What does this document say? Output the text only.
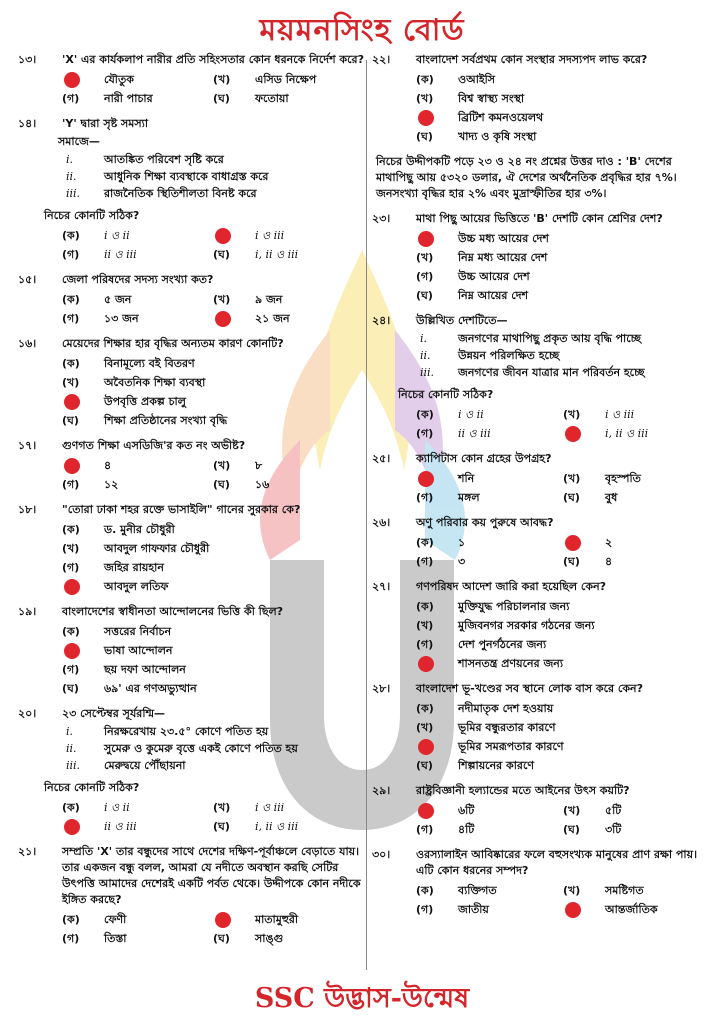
ময়মনসিংহ বোর্ড
১৩।	'X' এর কার্যকলাপ নারীর প্রতি সহিংসতার কোন ধরনকে নির্দেশ করে?
যৌতুক	(খ) এসিড নিক্ষেপ
(গ) নারী পাচার	(ঘ) ফতোয়া
১৪।	'Y' দ্বারা সৃষ্ট সমস্যা
সমাজে—
i.	আতঙ্কিত পরিবেশ সৃষ্টি করে
ii.	আধুনিক শিক্ষা ব্যবস্থাকে বাধাগ্রস্ত করে
iii.	রাজনৈতিক স্থিতিশীলতা বিনষ্ট করে
নিচের কোনটি সঠিক?
(ক) i ও ii	i ও iii
(গ) ii ও iii	(ঘ) i, ii ও iii
১৫।	জেলা পরিষদের সদস্য সংখ্যা কত?
(ক) ৫ জন	(খ) ৯ জন
(গ) ১৩ জন	২১ জন
১৬।	মেয়েদের শিক্ষার হার বৃদ্ধির অন্যতম কারণ কোনটি?
(ক) বিনামূল্যে বই বিতরণ
(খ) অবৈতনিক শিক্ষা ব্যবস্থা
উপবৃত্তি প্রকল্প চালু
(ঘ) শিক্ষা প্রতিষ্ঠানের সংখ্যা বৃদ্ধি
১৭।	গুণগত শিক্ষা এসডিজি'র কত নং অভীষ্ট?
৪	(খ) ৮
(গ) ১২	(ঘ) ১৬
১৮।	"তোরা ঢাকা শহর রক্তে ভাসাইলি" গানের সুরকার কে?
(ক) ড. মুনীর চৌধুরী
(খ) আবদুল গাফফার চৌধুরী
(গ) জহির রায়হান
আবদুল লতিফ
১৯।	বাংলাদেশের স্বাধীনতা আন্দোলনের ভিত্তি কী ছিল?
(ক) সত্তরের নির্বাচন
ভাষা আন্দোলন
(গ) ছয় দফা আন্দোলন
(ঘ) ৬৯' এর গণঅভ্যুত্থান
২০।	২৩ সেপ্টেম্বর সূর্যরশ্মি—
i.	নিরক্ষরেখায় ২৩.৫° কোণে পতিত হয়
ii.	সুমেরু ও কুমেরু বৃত্তে একই কোণে পতিত হয়
iii.	মেরুদ্বয়ে পৌঁছায়না
নিচের কোনটি সঠিক?
(ক) i ও ii	(খ) i ও iii
ii ও iii	(ঘ) i, ii ও iii
২১।	সম্প্রতি 'X' তার বন্ধুদের সাথে দেশের দক্ষিণ-পূর্বাঞ্চলে বেড়াতে যায়। তার একজন বন্ধু বলল, আমরা যে নদীতে অবস্থান করছি সেটির উৎপত্তি আমাদের দেশেরই একটি পর্বত থেকে। উদ্দীপকে কোন নদীকে ইঙ্গিত করছে?
(ক) ফেণী	মাতামুহুরী
(গ) তিস্তা	(ঘ) সাঙ্গু
২২।	বাংলাদেশ সর্বপ্রথম কোন সংস্থার সদস্যপদ লাভ করে?
(ক) ওআইসি
(খ) বিশ্ব স্বাস্থ্য সংস্থা
ব্রিটিশ কমনওয়েলথ
(ঘ) খাদ্য ও কৃষি সংস্থা
নিচের উদ্দীপকটি পড়ে ২৩ ও ২৪ নং প্রশ্নের উত্তর দাও : 'B' দেশের মাথাপিছু আয় ৫৩২০ ডলার, ঐ দেশের অর্থনৈতিক প্রবৃদ্ধির হার ৭%। জনসংখ্যা বৃদ্ধির হার ২% এবং মুদ্রাস্ফীতির হার ৩%।
২৩।	মাথা পিছু আয়ের ভিত্তিতে 'B' দেশটি কোন শ্রেণির দেশ?
উচ্চ মধ্য আয়ের দেশ
(খ) নিম্ন মধ্য আয়ের দেশ
(গ) উচ্চ আয়ের দেশ
(ঘ) নিম্ন আয়ের দেশ
২৪।	উল্লিখিত দেশটিতে—
i.	জনগণের মাথাপিছু প্রকৃত আয় বৃদ্ধি পাচ্ছে
ii.	উন্নয়ন পরিলক্ষিত হচ্ছে
iii.	জনগণের জীবন যাত্রার মান পরিবর্তন হচ্ছে
নিচের কোনটি সঠিক?
(ক) i ও ii	(খ) i ও iii
(গ) ii ও iii	i, ii ও iii
২৫।	ক্যাপিটাস কোন গ্রহের উপগ্রহ?
শনি	(খ) বৃহস্পতি
(গ) মঙ্গল	(ঘ) বুধ
২৬।	অণু পরিবার কয় পুরুষে আবদ্ধ?
(ক) ১	২
(গ) ৩	(ঘ) ৪
২৭।	গণপরিষদ আদেশ জারি করা হয়েছিল কেন?
(ক) মুক্তিযুদ্ধ পরিচালনার জন্য
(খ) মুজিবনগর সরকার গঠনের জন্য
(গ) দেশ পুনর্গঠনের জন্য
শাসনতন্ত্র প্রণয়নের জন্য
২৮।	বাংলাদেশ ভূ-খণ্ডের সব স্থানে লোক বাস করে কেন?
(ক) নদীমাতৃক দেশ হওয়ায়
(খ) ভূমির বন্ধুরতার কারণে
ভূমির সমরূপতার কারণে
(ঘ) শিল্পায়নের কারণে
২৯।	রাষ্ট্রবিজ্ঞানী হল্যান্ডের মতে আইনের উৎস কয়টি?
৬টি	(খ) ৫টি
(গ) ৪টি	(ঘ) ৩টি
৩০।	ওরস্যালাইন আবিষ্কারের ফলে বহুসংখ্যক মানুষের প্রাণ রক্ষা পায়। এটি কোন ধরনের সম্পদ?
(ক) ব্যক্তিগত	(খ) সমষ্টিগত
(গ) জাতীয়	আন্তর্জাতিক
SSC উদ্ভাস-উন্মেষ
